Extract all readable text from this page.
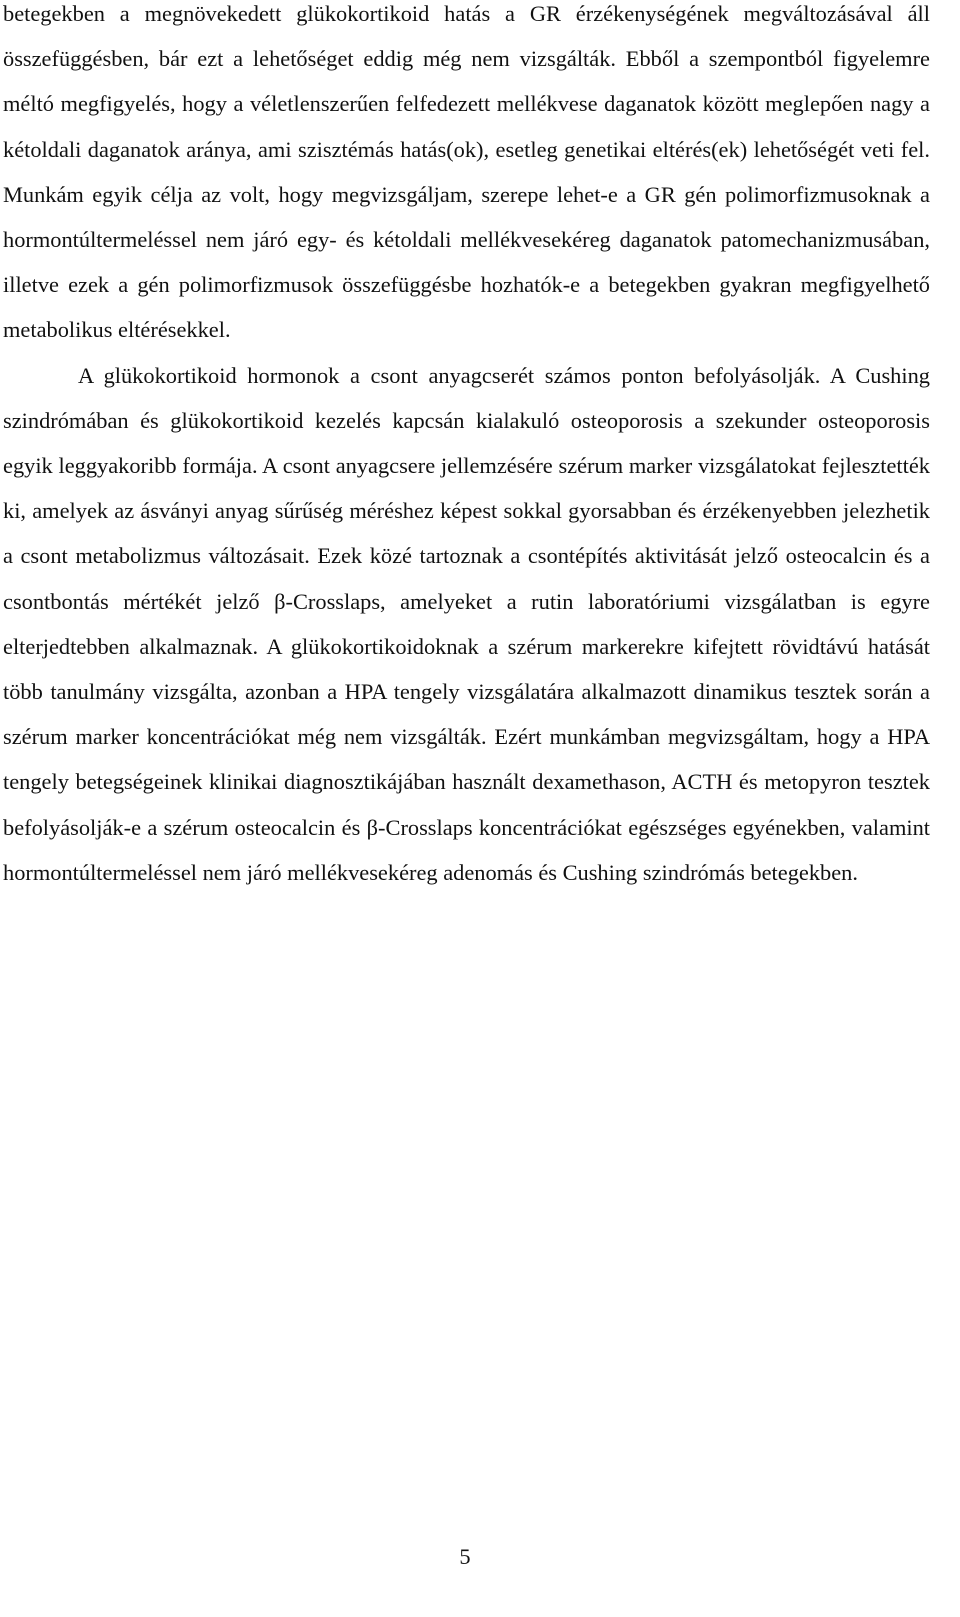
betegekben a megnövekedett glükokortikoid hatás a GR érzékenységének megváltozásával áll összefüggésben, bár ezt a lehetőséget eddig még nem vizsgálták. Ebből a szempontból figyelemre méltó megfigyelés, hogy a véletlenszerűen felfedezett mellékvese daganatok között meglepően nagy a kétoldali daganatok aránya, ami szisztémás hatás(ok), esetleg genetikai eltérés(ek) lehetőségét veti fel. Munkám egyik célja az volt, hogy megvizsgáljam, szerepe lehet-e a GR gén polimorfizmusoknak a hormontúltermeléssel nem járó egy- és kétoldali mellékvesekéreg daganatok patomechanizmusában, illetve ezek a gén polimorfizmusok összefüggésbe hozhatók-e a betegekben gyakran megfigyelhető metabolikus eltérésekkel.

A glükokortikoid hormonok a csont anyagcserét számos ponton befolyásolják. A Cushing szindrómában és glükokortikoid kezelés kapcsán kialakuló osteoporosis a szekunder osteoporosis egyik leggyakoribb formája. A csont anyagcsere jellemzésére szérum marker vizsgálatokat fejlesztették ki, amelyek az ásványi anyag sűrűség méréshez képest sokkal gyorsabban és érzékenyebben jelezhetik a csont metabolizmus változásait. Ezek közé tartoznak a csontépítés aktivitását jelző osteocalcin és a csontbontás mértékét jelző β-Crosslaps, amelyeket a rutin laboratóriumi vizsgálatban is egyre elterjedtebben alkalmaznak. A glükokortikoidoknak a szérum markerekre kifejtett rövidtávú hatását több tanulmány vizsgálta, azonban a HPA tengely vizsgálatára alkalmazott dinamikus tesztek során a szérum marker koncentrációkat még nem vizsgálták. Ezért munkámban megvizsgáltam, hogy a HPA tengely betegségeinek klinikai diagnosztikájában használt dexamethason, ACTH és metopyron tesztek befolyásolják-e a szérum osteocalcin és β-Crosslaps koncentrációkat egészséges egyénekben, valamint hormontúltermeléssel nem járó mellékvesekéreg adenomás és Cushing szindrómás betegekben.

5
